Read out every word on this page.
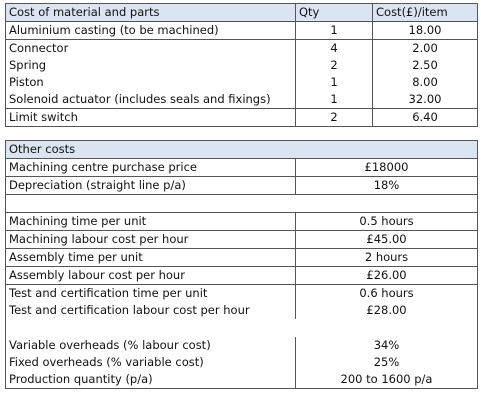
Cost of material and parts	Qty	Cost(£)/item
Aluminium casting (to be machined)	1	18.00
Connector	4	2.00
Spring	2	2.50
Piston	1	8.00
Solenoid actuator (includes seals and fixings)	1	32.00
Limit switch	2	6.40
Other costs	
Machining centre purchase price	£18000
Depreciation (straight line p/a)	18%

Machining time per unit	0.5 hours
Machining labour cost per hour	£45.00
Assembly time per unit	2 hours
Assembly labour cost per hour	£26.00
Test and certification time per unit	0.6 hours
Test and certification labour cost per hour	£28.00

Variable overheads (% labour cost)	34%
Fixed overheads (% variable cost)	25%
Production quantity (p/a)	200 to 1600 p/a
